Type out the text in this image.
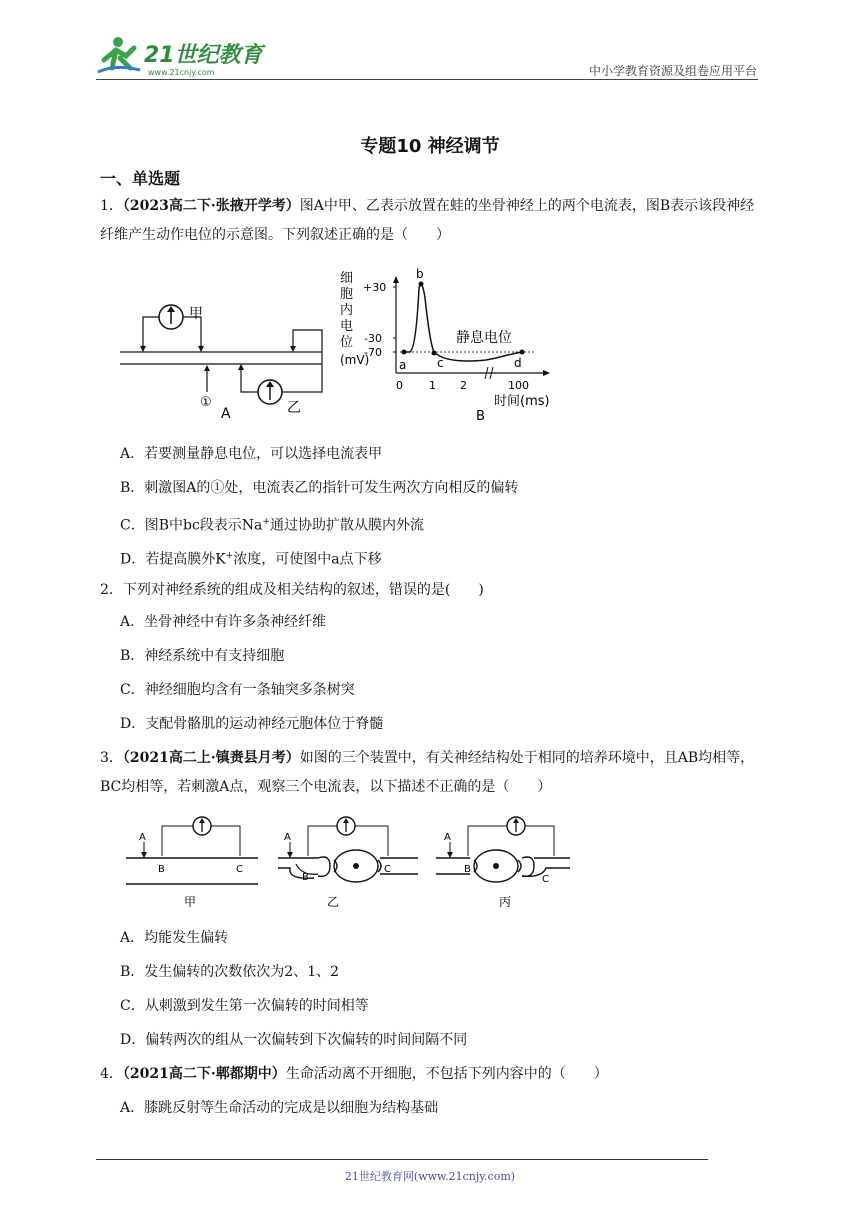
21世纪教育
www.21cnjy.com	中小学教育资源及组卷应用平台
专题10 神经调节
一、单选题
1．（2023高二下·张掖开学考）图A中甲、乙表示放置在蛙的坐骨神经上的两个电流表，图B表示该段神经纤维产生动作电位的示意图。下列叙述正确的是（　　）
甲
乙
①
A
细
胞
内
电
位
(mV)
+30
-30
-70
b
a	c	d
静息电位
0 1 2	100
时间(ms)
B
A．若要测量静息电位，可以选择电流表甲
B．刺激图A的①处，电流表乙的指针可发生两次方向相反的偏转
C．图B中bc段表示Na+通过协助扩散从膜内外流
D．若提高膜外K+浓度，可使图中a点下移
2．下列对神经系统的组成及相关结构的叙述，错误的是(　　)
A．坐骨神经中有许多条神经纤维
B．神经系统中有支持细胞
C．神经细胞均含有一条轴突多条树突
D．支配骨骼肌的运动神经元胞体位于脊髓
3．（2021高二上·镇赉县月考）如图的三个装置中，有关神经结构处于相同的培养环境中，且AB均相等，BC均相等，若刺激A点，观察三个电流表，以下描述不正确的是（　　）
A
B	C
甲
A
B
C
乙
A
B
C
丙
A．均能发生偏转
B．发生偏转的次数依次为2、1、2
C．从刺激到发生第一次偏转的时间相等
D．偏转两次的组从一次偏转到下次偏转的时间间隔不同
4．（2021高二下·郫都期中）生命活动离不开细胞，不包括下列内容中的（　　）
A．膝跳反射等生命活动的完成是以细胞为结构基础
21世纪教育网(www.21cnjy.com)
